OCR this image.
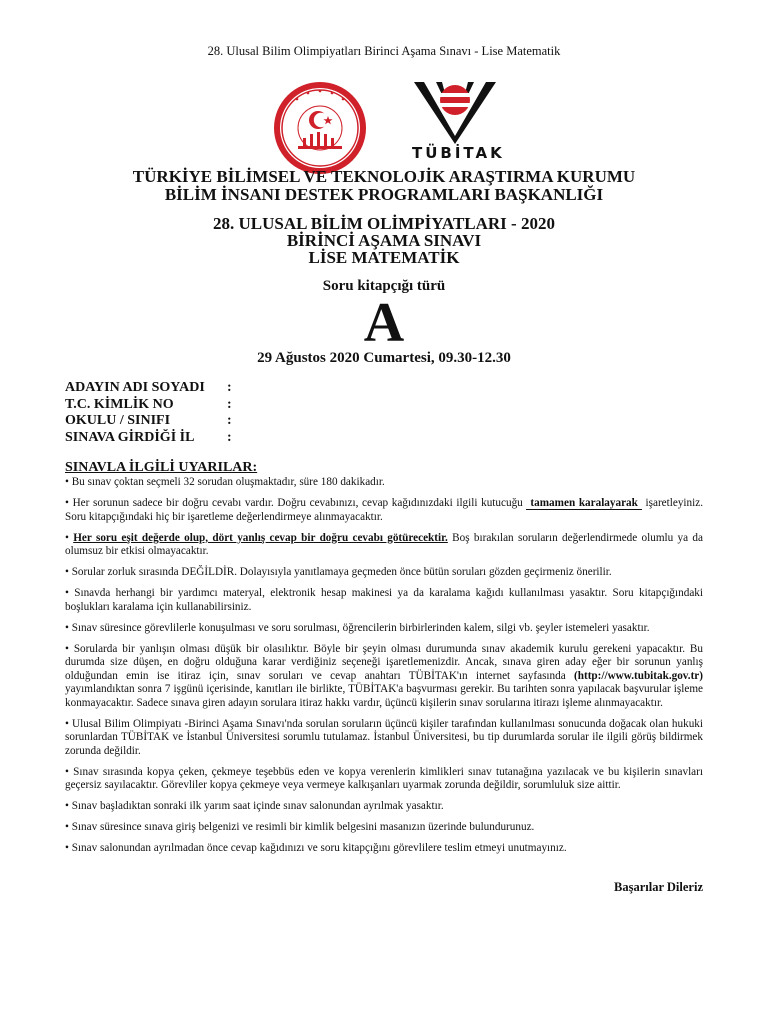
28. Ulusal Bilim Olimpiyatları Birinci Aşama Sınavı - Lise Matematik
TÜBİTAK
TÜRKİYE BİLİMSEL VE TEKNOLOJİK ARAŞTIRMA KURUMU
BİLİM İNSANI DESTEK PROGRAMLARI BAŞKANLIĞI
28. ULUSAL BİLİM OLİMPİYATLARI - 2020
BİRİNCİ AŞAMA SINAVI
LİSE MATEMATİK
Soru kitapçığı türü
A
29 Ağustos 2020 Cumartesi, 09.30-12.30
ADAYIN ADI SOYADI	:
T.C. KİMLİK NO	:
OKULU / SINIFI	:
SINAVA GİRDİĞİ İL	:
SINAVLA İLGİLİ UYARILAR:

• Bu sınav çoktan seçmeli 32 sorudan oluşmaktadır, süre 180 dakikadır.

• Her sorunun sadece bir doğru cevabı vardır. Doğru cevabınızı, cevap kağıdınızdaki ilgili kutucuğu tamamen karalayarak işaretleyiniz. Soru kitapçığındaki hiç bir işaretleme değerlendirmeye alınmayacaktır.

• Her soru eşit değerde olup, dört yanlış cevap bir doğru cevabı götürecektir. Boş bırakılan soruların değerlendirmede olumlu ya da olumsuz bir etkisi olmayacaktır.

• Sorular zorluk sırasında DEĞİLDİR. Dolayısıyla yanıtlamaya geçmeden önce bütün soruları gözden geçirmeniz önerilir.

• Sınavda herhangi bir yardımcı materyal, elektronik hesap makinesi ya da karalama kağıdı kullanılması yasaktır. Soru kitapçığındaki boşlukları karalama için kullanabilirsiniz.

• Sınav süresince görevlilerle konuşulması ve soru sorulması, öğrencilerin birbirlerinden kalem, silgi vb. şeyler istemeleri yasaktır.

• Sorularda bir yanlışın olması düşük bir olasılıktır. Böyle bir şeyin olması durumunda sınav akademik kurulu gerekeni yapacaktır. Bu durumda size düşen, en doğru olduğuna karar verdiğiniz seçeneği işaretlemenizdir. Ancak, sınava giren aday eğer bir sorunun yanlış olduğundan emin ise itiraz için, sınav soruları ve cevap anahtarı TÜBİTAK'ın internet sayfasında (http://www.tubitak.gov.tr) yayımlandıktan sonra 7 işgünü içerisinde, kanıtları ile birlikte, TÜBİTAK'a başvurması gerekir. Bu tarihten sonra yapılacak başvurular işleme konmayacaktır. Sadece sınava giren adayın sorulara itiraz hakkı vardır, üçüncü kişilerin sınav sorularına itirazı işleme alınmayacaktır.

• Ulusal Bilim Olimpiyatı -Birinci Aşama Sınavı'nda sorulan soruların üçüncü kişiler tarafından kullanılması sonucunda doğacak olan hukuki sorunlardan TÜBİTAK ve İstanbul Üniversitesi sorumlu tutulamaz. İstanbul Üniversitesi, bu tip durumlarda sorular ile ilgili görüş bildirmek zorunda değildir.

• Sınav sırasında kopya çeken, çekmeye teşebbüs eden ve kopya verenlerin kimlikleri sınav tutanağına yazılacak ve bu kişilerin sınavları geçersiz sayılacaktır. Görevliler kopya çekmeye veya vermeye kalkışanları uyarmak zorunda değildir, sorumluluk size aittir.

• Sınav başladıktan sonraki ilk yarım saat içinde sınav salonundan ayrılmak yasaktır.

• Sınav süresince sınava giriş belgenizi ve resimli bir kimlik belgesini masanızın üzerinde bulundurunuz.

• Sınav salonundan ayrılmadan önce cevap kağıdınızı ve soru kitapçığını görevlilere teslim etmeyi unutmayınız.

Başarılar Dileriz
